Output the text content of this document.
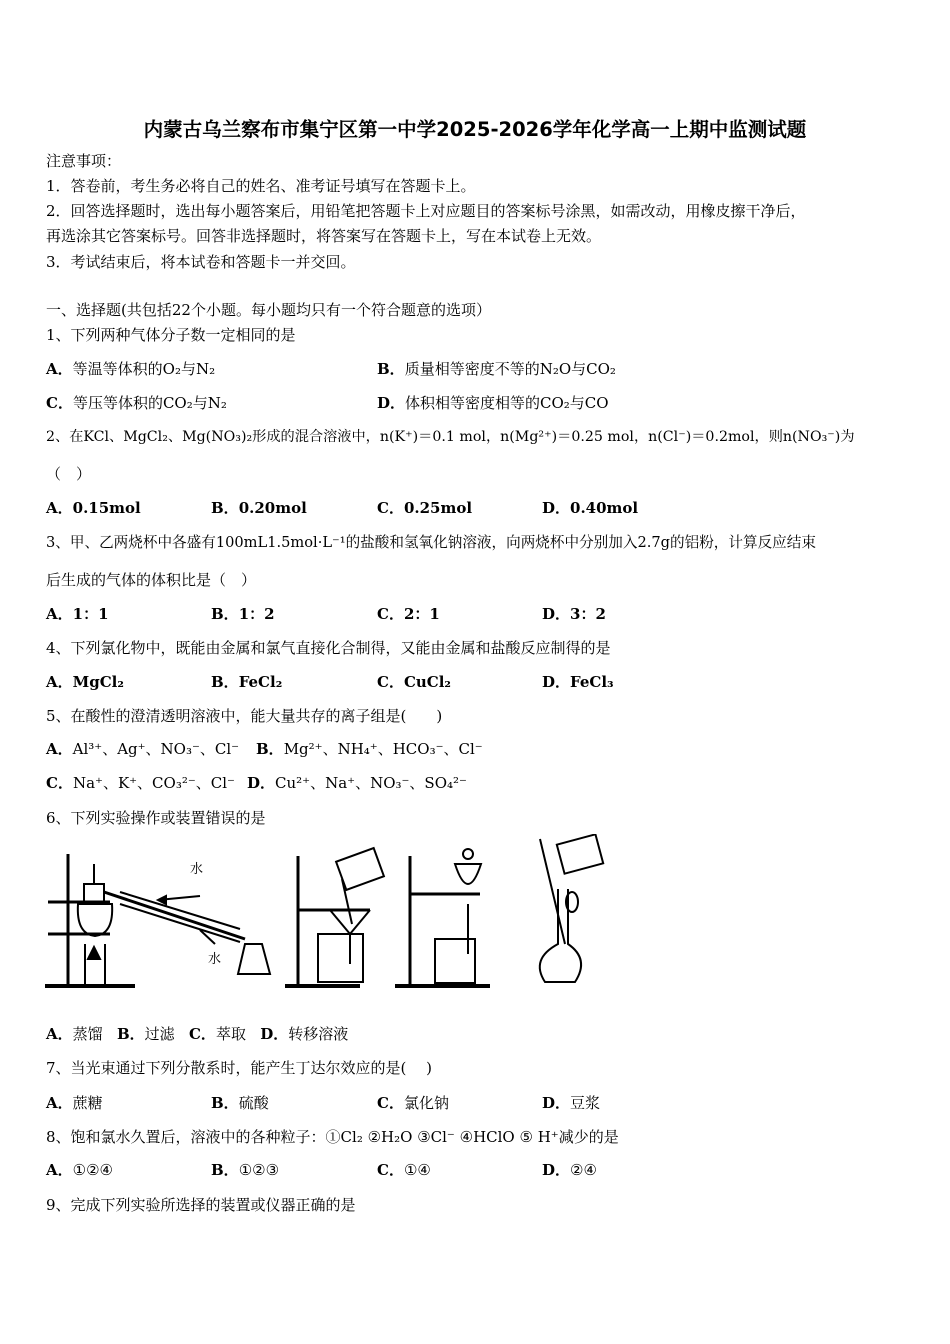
内蒙古乌兰察布市集宁区第一中学2025-2026学年化学高一上期中监测试题
注意事项：
1．答卷前，考生务必将自己的姓名、准考证号填写在答题卡上。
2．回答选择题时，选出每小题答案后，用铅笔把答题卡上对应题目的答案标号涂黑，如需改动，用橡皮擦干净后，
再选涂其它答案标号。回答非选择题时，将答案写在答题卡上，写在本试卷上无效。
3．考试结束后，将本试卷和答题卡一并交回。
一、选择题(共包括22个小题。每小题均只有一个符合题意的选项）
1、下列两种气体分子数一定相同的是
A．等温等体积的O₂与N₂	B．质量相等密度不等的N₂O与CO₂
C．等压等体积的CO₂与N₂	D．体积相等密度相等的CO₂与CO
2、在KCl、MgCl₂、Mg(NO₃)₂形成的混合溶液中，n(K⁺)＝0.1 mol，n(Mg²⁺)＝0.25 mol，n(Cl⁻)＝0.2mol，则n(NO₃⁻)为
（　）
A．0.15mol	B．0.20mol	C．0.25mol	D．0.40mol
3、甲、乙两烧杯中各盛有100mL1.5mol·L⁻¹的盐酸和氢氧化钠溶液，向两烧杯中分别加入2.7g的铝粉，计算反应结束
后生成的气体的体积比是（　）
A．1：1	B．1：2	C．2：1	D．3：2
4、下列氯化物中，既能由金属和氯气直接化合制得，又能由金属和盐酸反应制得的是
A．MgCl₂	B．FeCl₂	C．CuCl₂	D．FeCl₃
5、在酸性的澄清透明溶液中，能大量共存的离子组是(　　)
A．Al³⁺、Ag⁺、NO₃⁻、Cl⁻ B．Mg²⁺、NH₄⁺、HCO₃⁻、Cl⁻
C．Na⁺、K⁺、CO₃²⁻、Cl⁻ D．Cu²⁺、Na⁺、NO₃⁻、SO₄²⁻
6、下列实验操作或装置错误的是
水
水
A．蒸馏 B．过滤 C．萃取 D．转移溶液
7、当光束通过下列分散系时，能产生丁达尔效应的是(　 )
A．蔗糖	B．硫酸	C．氯化钠	D．豆浆
8、饱和氯水久置后，溶液中的各种粒子：①Cl₂ ②H₂O ③Cl⁻ ④HClO ⑤ H⁺减少的是
A．①②④	B．①②③	C．①④	D．②④
9、完成下列实验所选择的装置或仪器正确的是
